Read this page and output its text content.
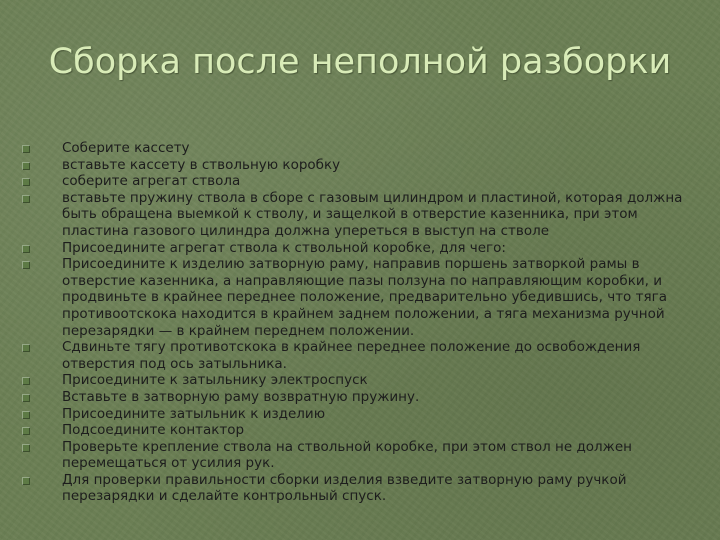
Сборка после неполной разборки
Соберите кассету
вставьте кассету в ствольную коробку
соберите агрегат ствола
вставьте пружину ствола в сборе с газовым цилиндром и пластиной, которая должна быть обращена выемкой к стволу, и защелкой в отверстие казенника, при этом пластина газового цилиндра должна упереться в выступ на стволе
Присоедините агрегат ствола к ствольной коробке, для чего:
Присоедините к изделию затворную раму, направив поршень затворкой рамы в отверстие казенника, а направляющие пазы ползуна по направляющим коробки, и продвиньте в крайнее переднее положение, предварительно убедившись, что тяга противоотскока находится в крайнем заднем положении, а тяга механизма ручной перезарядки — в крайнем переднем положении.
Сдвиньте тягу противотскока в крайнее переднее положение до освобождения отверстия под ось затыльника.
Присоедините к затыльнику электроспуск
Вставьте в затворную раму возвратную пружину.
Присоедините затыльник к изделию
Подсоедините контактор
Проверьте крепление ствола на ствольной коробке, при этом ствол не должен перемещаться от усилия рук.
Для проверки правильности сборки изделия взведите затворную раму ручкой перезарядки и сделайте контрольный спуск.
